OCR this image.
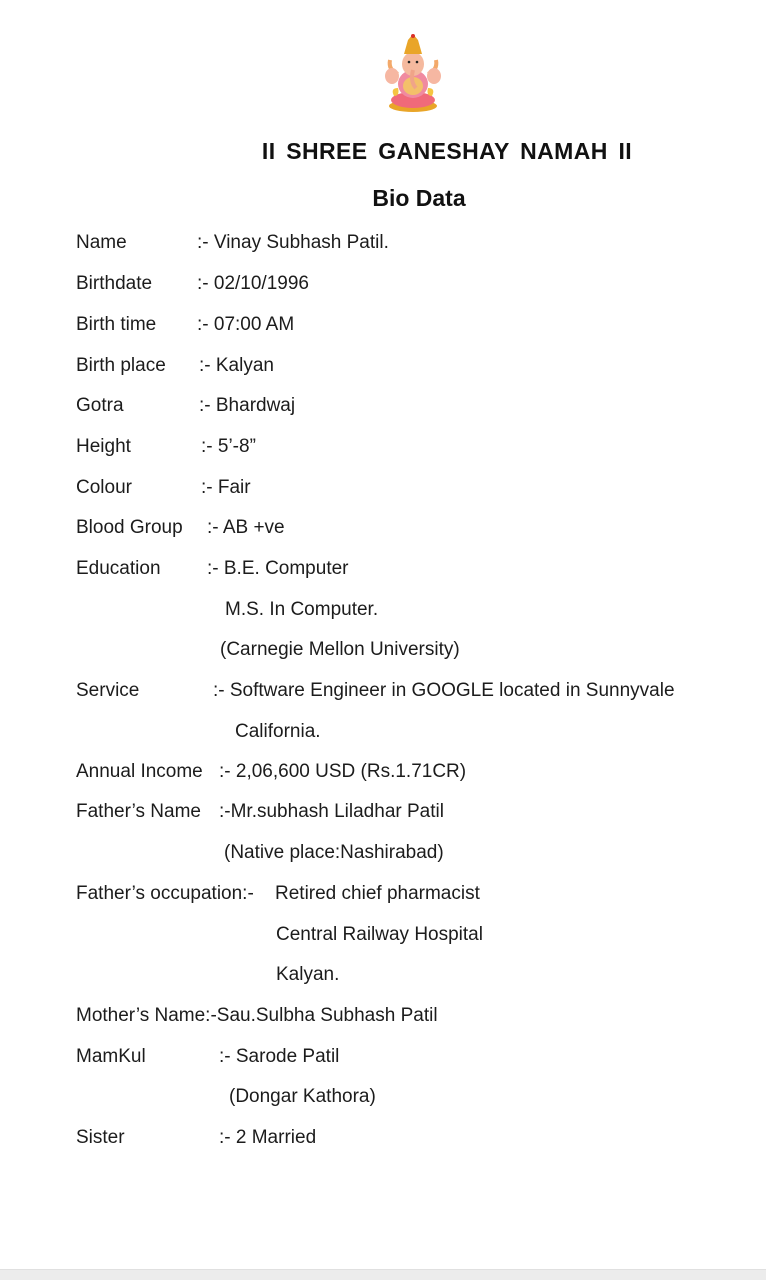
II SHREE GANESHAY NAMAH II
Bio Data
Name	:- Vinay Subhash Patil.
Birthdate :- 02/10/1996
Birth time :- 07:00 AM
Birth place :- Kalyan
Gotra	:- Bhardwaj
Height	:- 5’-8”
Colour	:- Fair
Blood Group :- AB +ve
Education :- B.E. Computer
M.S. In Computer.
(Carnegie Mellon University)
Service	:- Software Engineer in GOOGLE located in Sunnyvale
California.
Annual Income :- 2,06,600 USD (Rs.1.71CR)
Father’s Name :-Mr.subhash Liladhar Patil
(Native place:Nashirabad)
Father’s occupation:- Retired chief pharmacist
Central Railway Hospital
Kalyan.
Mother’s Name:-Sau.Sulbha Subhash Patil
MamKul	:- Sarode Patil
(Dongar Kathora)
Sister	:- 2 Married
